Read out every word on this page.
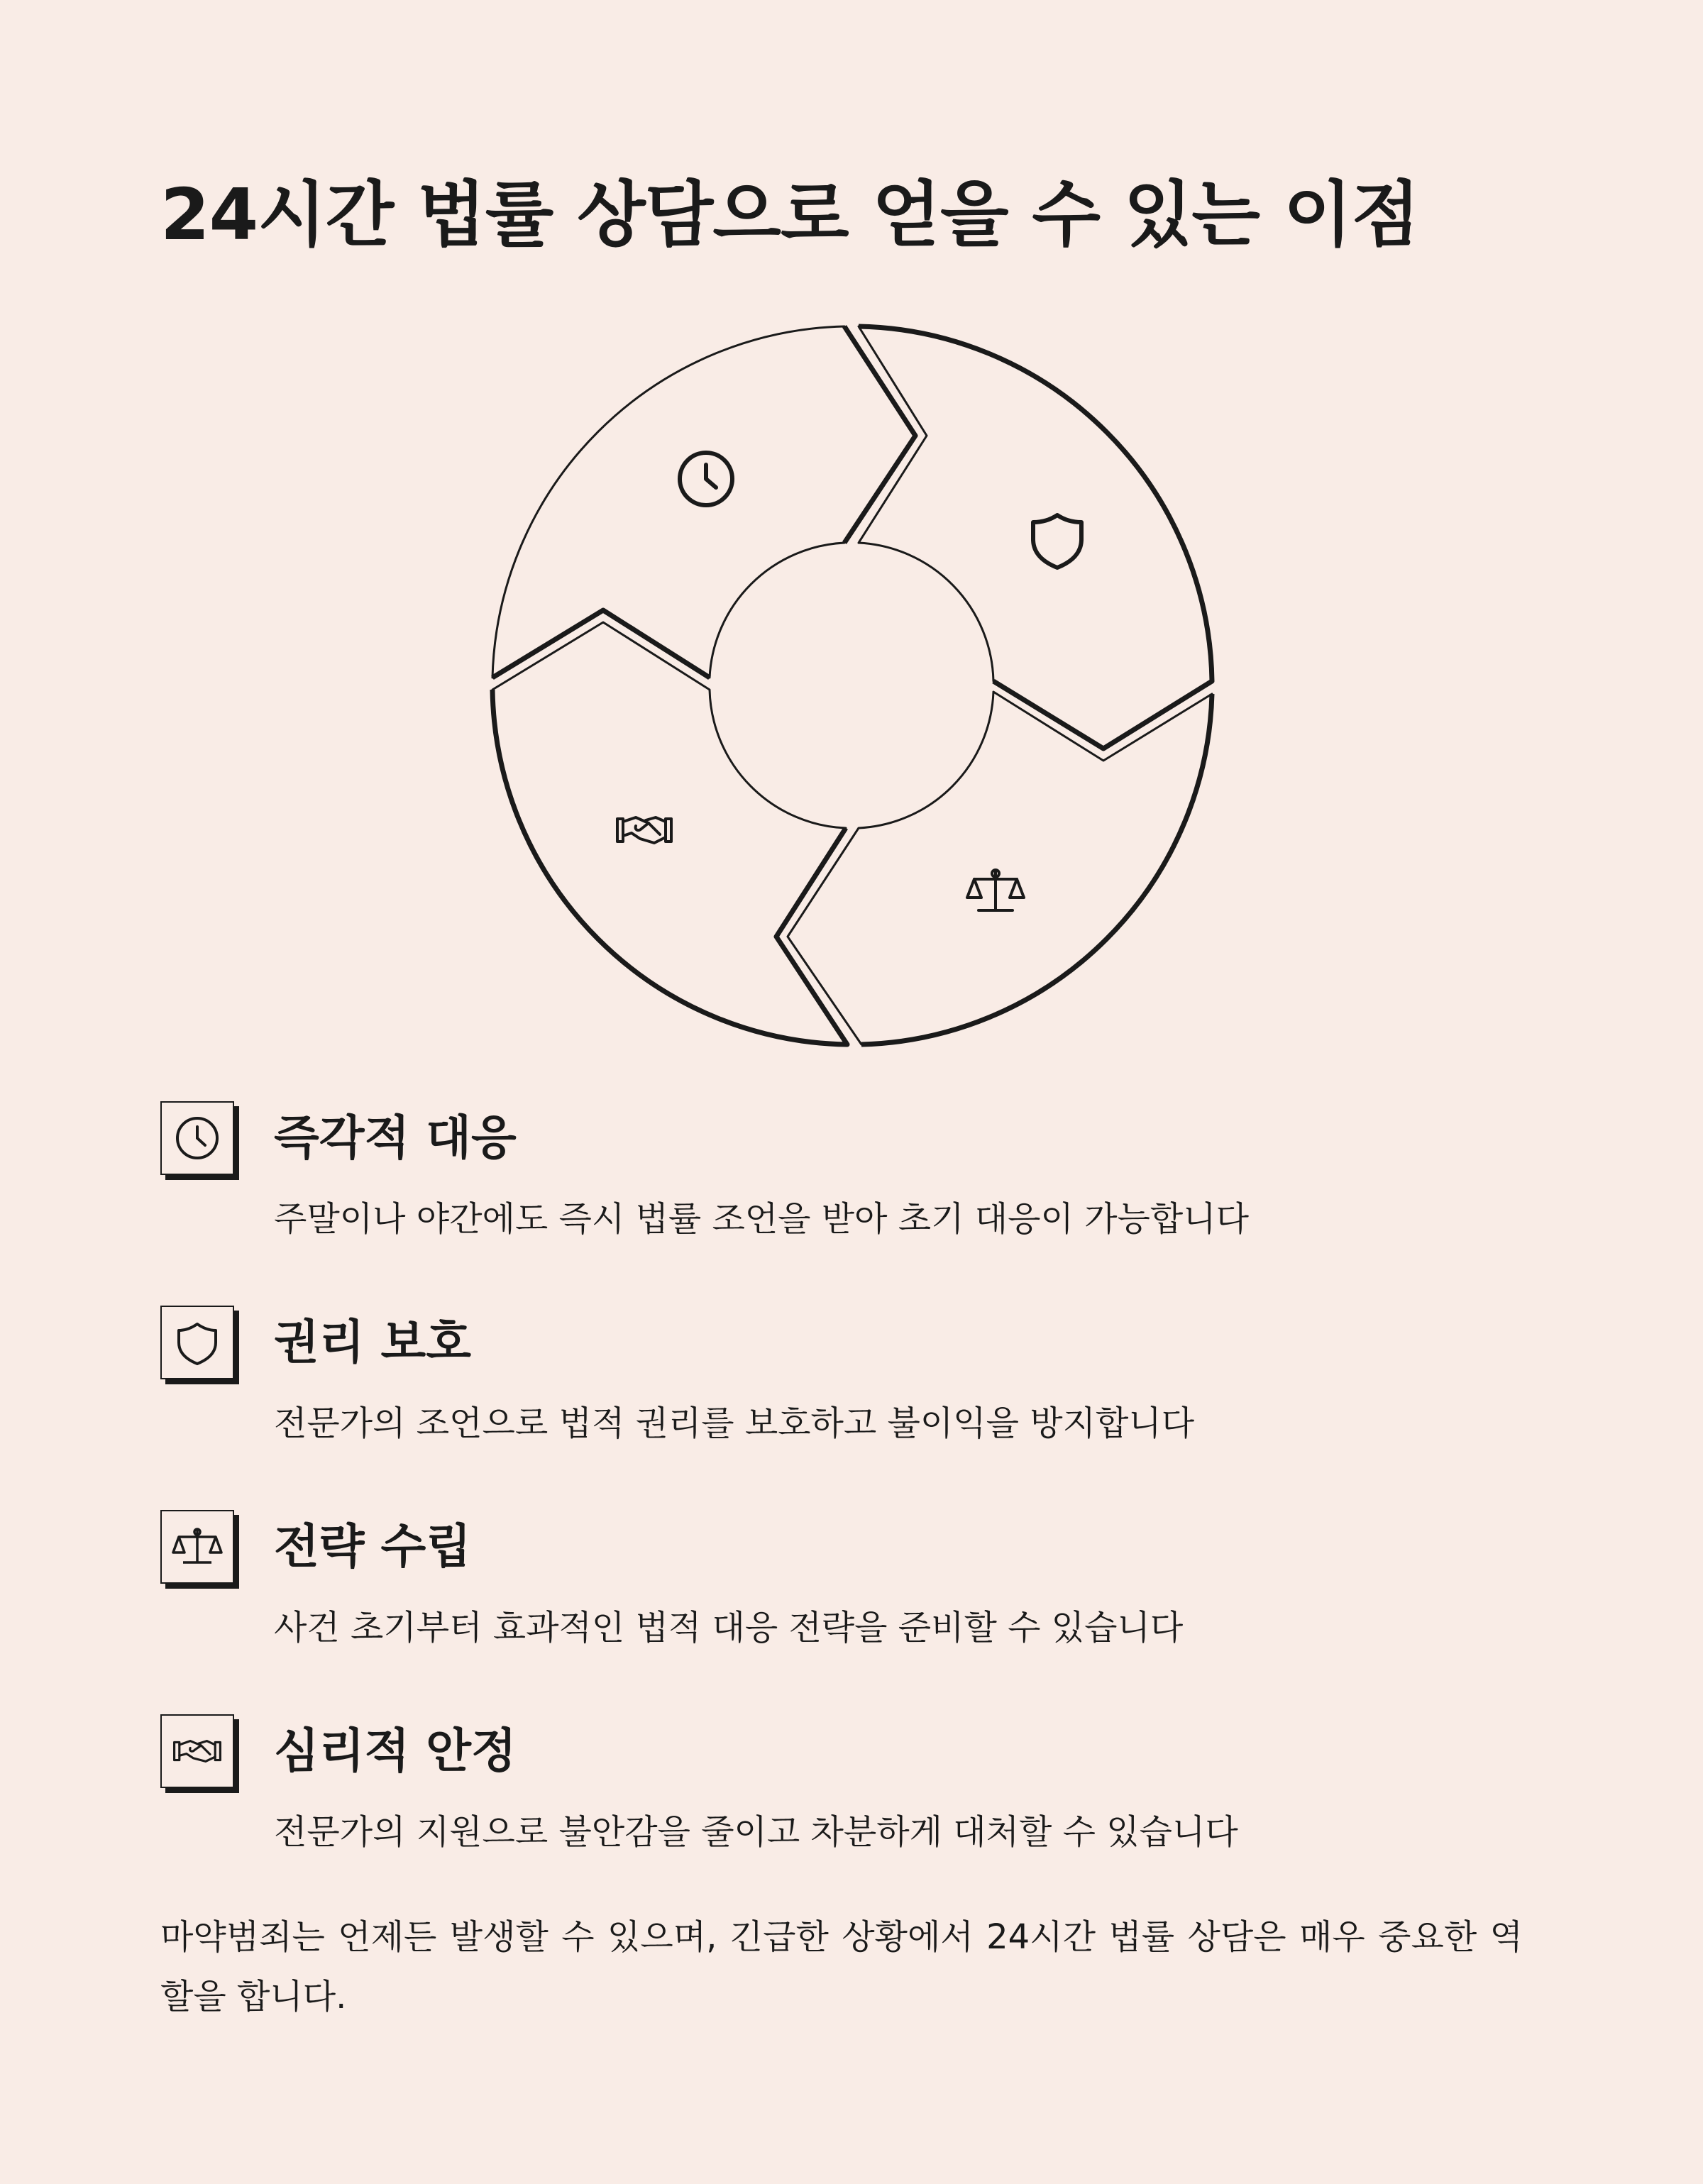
24시간 법률 상담으로 얻을 수 있는 이점
즉각적 대응

주말이나 야간에도 즉시 법률 조언을 받아 초기 대응이 가능합니다

권리 보호

전문가의 조언으로 법적 권리를 보호하고 불이익을 방지합니다

전략 수립

사건 초기부터 효과적인 법적 대응 전략을 준비할 수 있습니다

심리적 안정

전문가의 지원으로 불안감을 줄이고 차분하게 대처할 수 있습니다

마약범죄는 언제든 발생할 수 있으며, 긴급한 상황에서 24시간 법률 상담은 매우 중요한 역할을 합니다.
